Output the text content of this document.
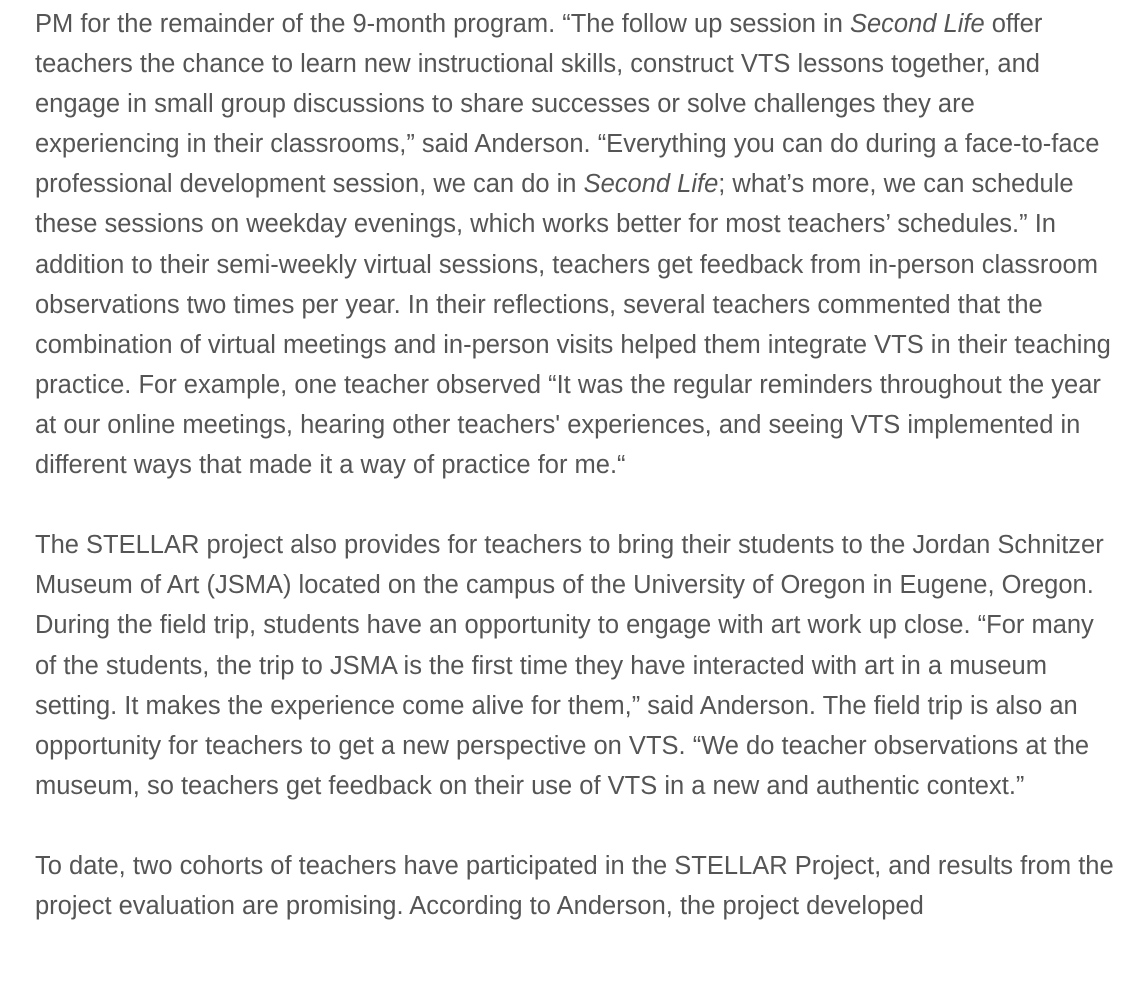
PM for the remainder of the 9-month program. “The follow up session in Second Life offer teachers the chance to learn new instructional skills, construct VTS lessons together, and engage in small group discussions to share successes or solve challenges they are experiencing in their classrooms,” said Anderson. “Everything you can do during a face-to-face professional development session, we can do in Second Life; what’s more, we can schedule these sessions on weekday evenings, which works better for most teachers’ schedules.” In addition to their semi-weekly virtual sessions, teachers get feedback from in-person classroom observations two times per year. In their reflections, several teachers commented that the combination of virtual meetings and in-person visits helped them integrate VTS in their teaching practice. For example, one teacher observed “It was the regular reminders throughout the year at our online meetings, hearing other teachers' experiences, and seeing VTS implemented in different ways that made it a way of practice for me.“

The STELLAR project also provides for teachers to bring their students to the Jordan Schnitzer Museum of Art (JSMA) located on the campus of the University of Oregon in Eugene, Oregon. During the field trip, students have an opportunity to engage with art work up close. “For many of the students, the trip to JSMA is the first time they have interacted with art in a museum setting. It makes the experience come alive for them,” said Anderson. The field trip is also an opportunity for teachers to get a new perspective on VTS. “We do teacher observations at the museum, so teachers get feedback on their use of VTS in a new and authentic context.”

To date, two cohorts of teachers have participated in the STELLAR Project, and results from the project evaluation are promising. According to Anderson, the project developed
